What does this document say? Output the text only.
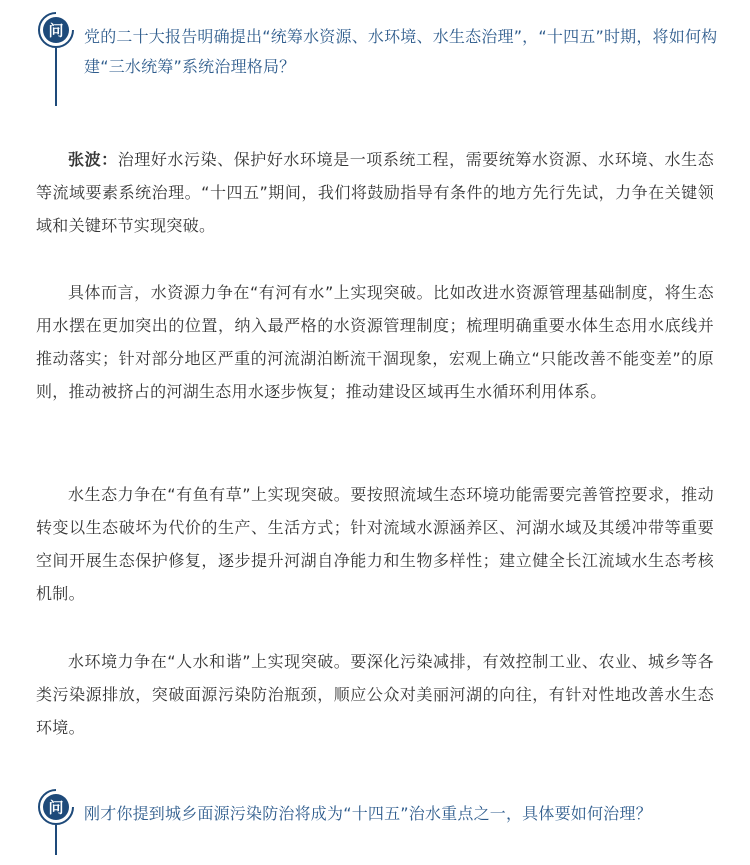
问 党的二十大报告明确提出“统筹水资源、水环境、水生态治理”，“十四五”时期，将如何构建“三水统筹”系统治理格局？

张波：治理好水污染、保护好水环境是一项系统工程，需要统筹水资源、水环境、水生态等流域要素系统治理。“十四五”期间，我们将鼓励指导有条件的地方先行先试，力争在关键领域和关键环节实现突破。

具体而言，水资源力争在“有河有水”上实现突破。比如改进水资源管理基础制度，将生态用水摆在更加突出的位置，纳入最严格的水资源管理制度；梳理明确重要水体生态用水底线并推动落实；针对部分地区严重的河流湖泊断流干涸现象，宏观上确立“只能改善不能变差”的原则，推动被挤占的河湖生态用水逐步恢复；推动建设区域再生水循环利用体系。

水生态力争在“有鱼有草”上实现突破。要按照流域生态环境功能需要完善管控要求，推动转变以生态破坏为代价的生产、生活方式；针对流域水源涵养区、河湖水域及其缓冲带等重要空间开展生态保护修复，逐步提升河湖自净能力和生物多样性；建立健全长江流域水生态考核机制。

水环境力争在“人水和谐”上实现突破。要深化污染减排，有效控制工业、农业、城乡等各类污染源排放，突破面源污染防治瓶颈，顺应公众对美丽河湖的向往，有针对性地改善水生态环境。

问 刚才你提到城乡面源污染防治将成为“十四五”治水重点之一，具体要如何治理？
